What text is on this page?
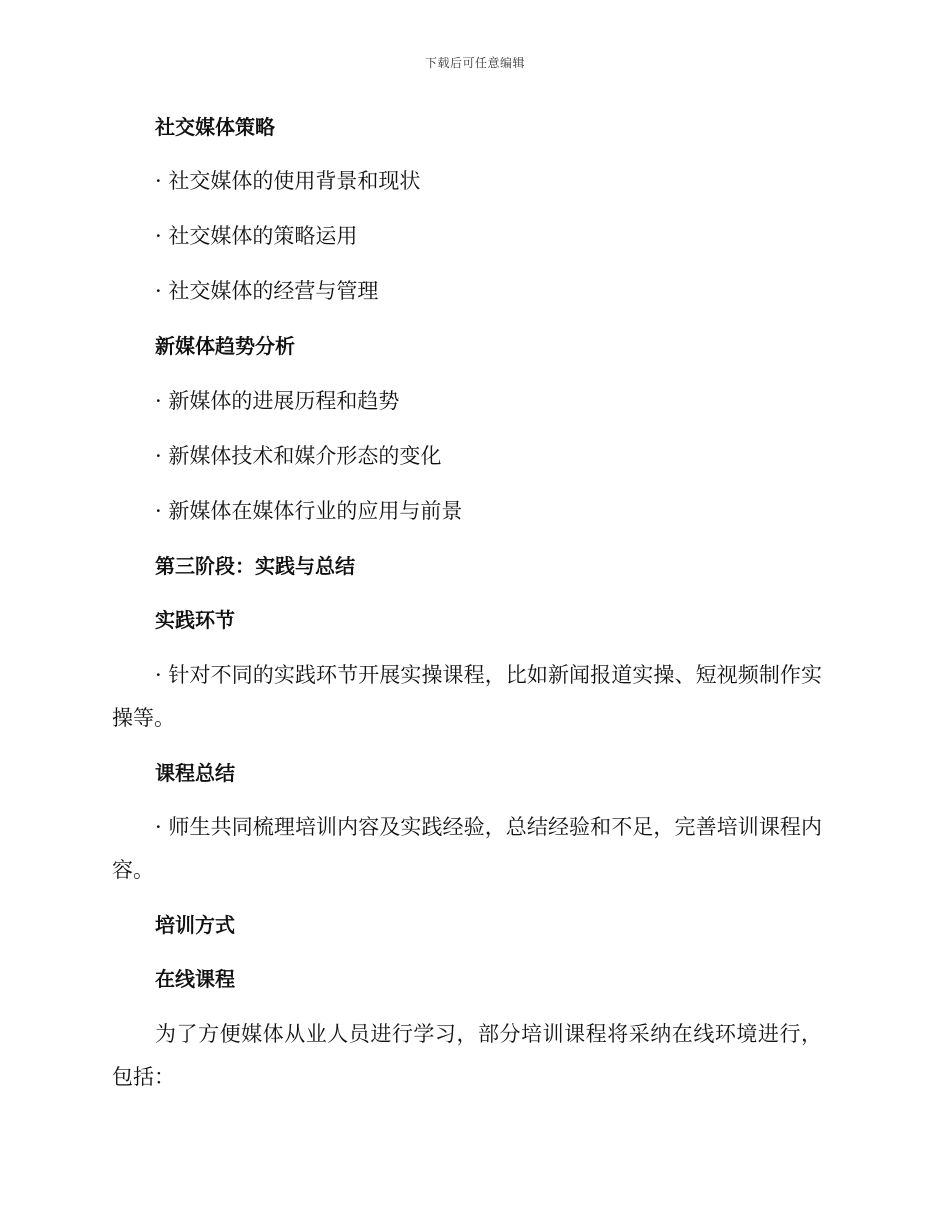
下载后可任意编辑
社交媒体策略
· 社交媒体的使用背景和现状
· 社交媒体的策略运用
· 社交媒体的经营与管理
新媒体趋势分析
· 新媒体的进展历程和趋势
· 新媒体技术和媒介形态的变化
· 新媒体在媒体行业的应用与前景
第三阶段：实践与总结
实践环节
· 针对不同的实践环节开展实操课程，比如新闻报道实操、短视频制作实操等。
课程总结
· 师生共同梳理培训内容及实践经验，总结经验和不足，完善培训课程内容。
培训方式
在线课程
为了方便媒体从业人员进行学习，部分培训课程将采纳在线环境进行，包括：
